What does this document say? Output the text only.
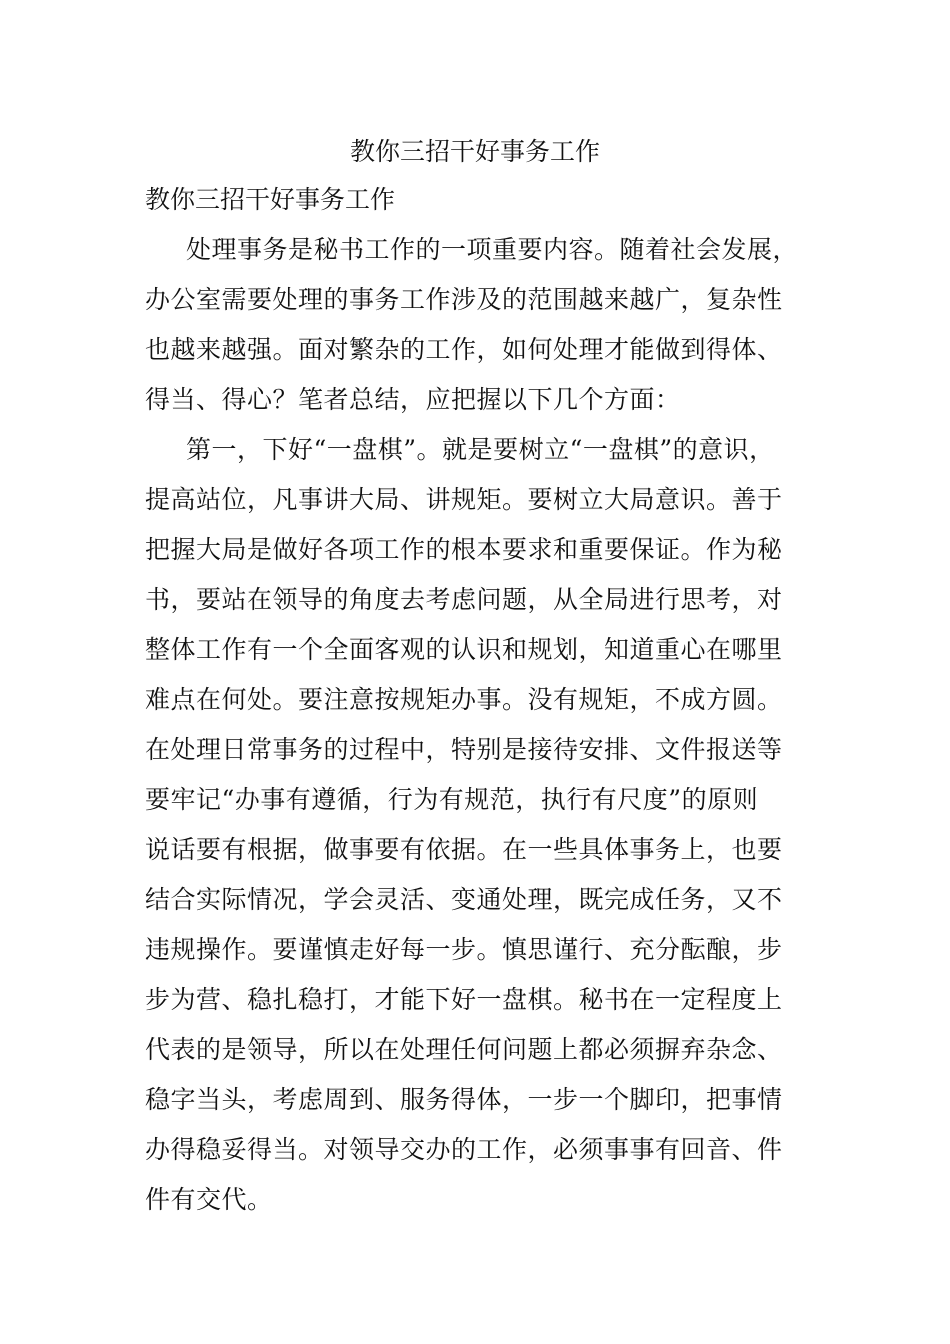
教你三招干好事务工作
教你三招干好事务工作
处理事务是秘书工作的一项重要内容。随着社会发展，
办公室需要处理的事务工作涉及的范围越来越广，复杂性
也越来越强。面对繁杂的工作，如何处理才能做到得体、
得当、得心？笔者总结，应把握以下几个方面：
第一，下好“一盘棋”。就是要树立“一盘棋”的意识，
提高站位，凡事讲大局、讲规矩。要树立大局意识。善于
把握大局是做好各项工作的根本要求和重要保证。作为秘
书，要站在领导的角度去考虑问题，从全局进行思考，对
整体工作有一个全面客观的认识和规划，知道重心在哪里
难点在何处。要注意按规矩办事。没有规矩，不成方圆。
在处理日常事务的过程中，特别是接待安排、文件报送等
要牢记“办事有遵循，行为有规范，执行有尺度”的原则
说话要有根据，做事要有依据。在一些具体事务上，也要
结合实际情况，学会灵活、变通处理，既完成任务，又不
违规操作。要谨慎走好每一步。慎思谨行、充分酝酿，步
步为营、稳扎稳打，才能下好一盘棋。秘书在一定程度上
代表的是领导，所以在处理任何问题上都必须摒弃杂念、
稳字当头，考虑周到、服务得体，一步一个脚印，把事情
办得稳妥得当。对领导交办的工作，必须事事有回音、件
件有交代。
